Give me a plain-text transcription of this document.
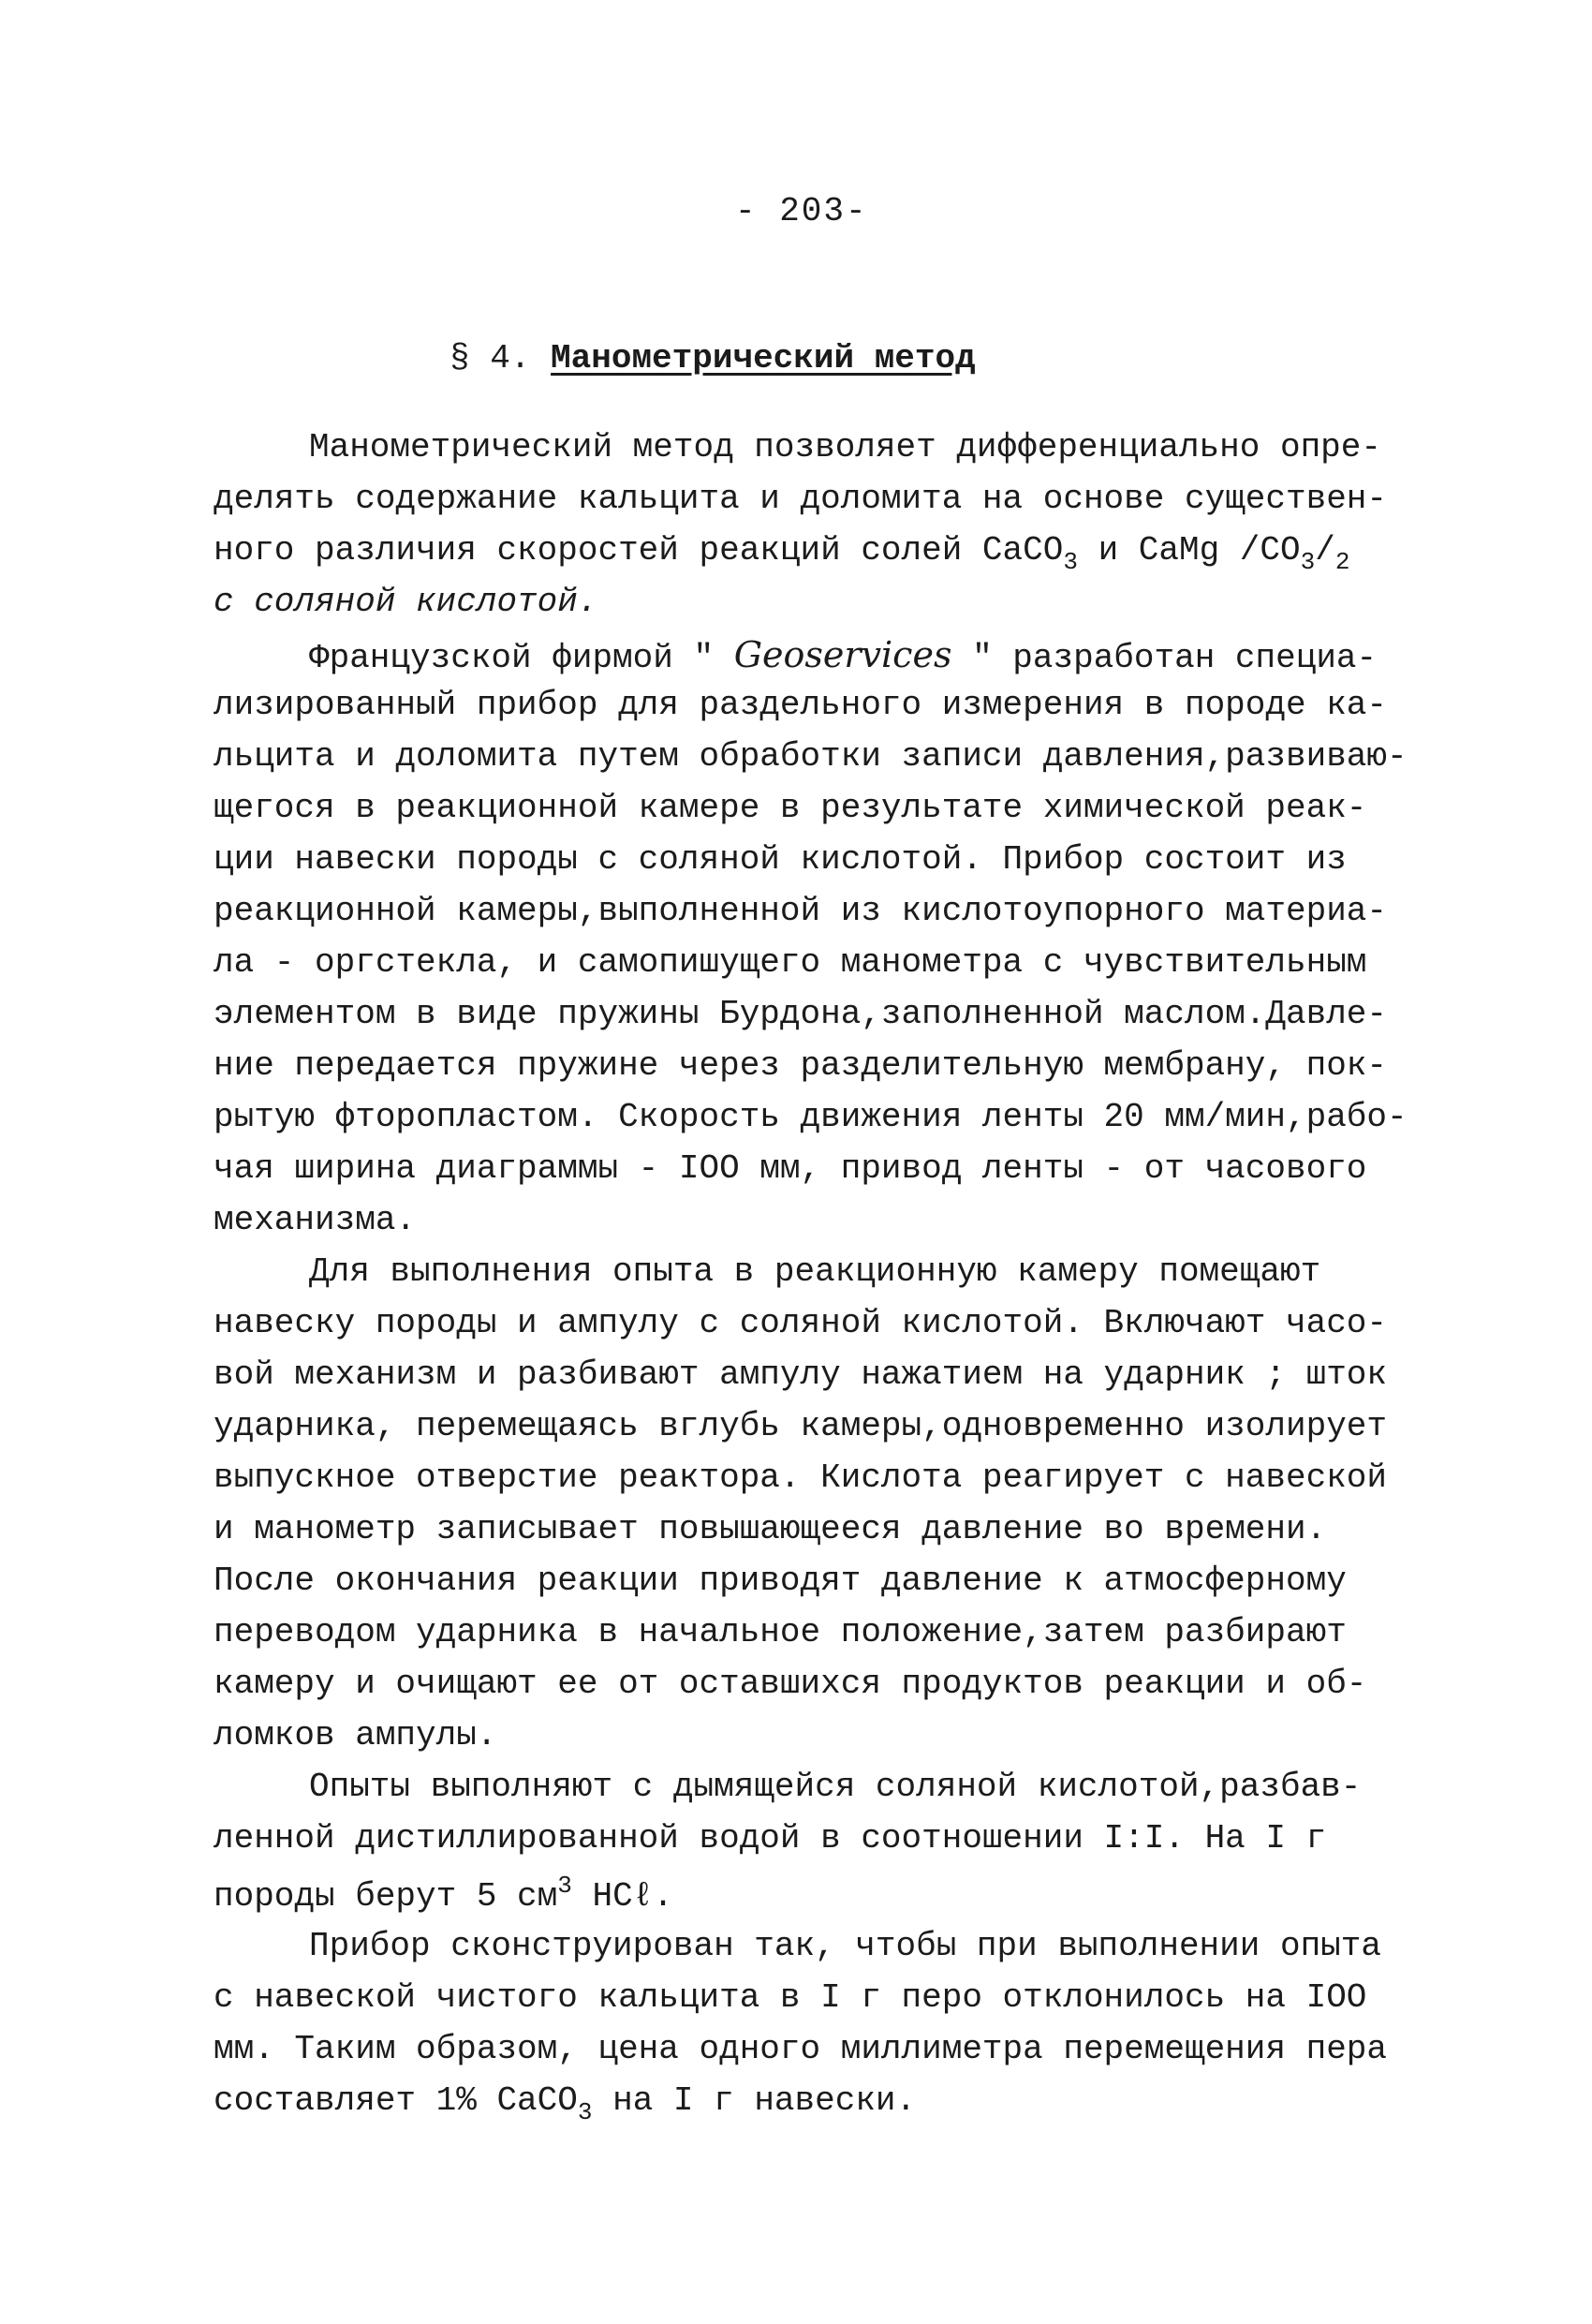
- 203-
§ 4. Манометрический метод
Манометрический метод позволяет дифференциально опре-
делять содержание кальцита и доломита на основе существен-
ного различия скоростей реакций солей CaCO$_3$ и CaMg $/CO_3/_2$
с соляной кислотой.
Французской фирмой " Geoservices " разработан специа-
лизированный прибор для раздельного измерения в породе ка-
льцита и доломита путем обработки записи давления,развиваю-
щегося в реакционной камере в результате химической реак-
ции навески породы с соляной кислотой. Прибор состоит из
реакционной камеры,выполненной из кислотоупорного материа-
ла - оргстекла, и самопишущего манометра с чувствительным
элементом в виде пружины Бурдона,заполненной маслом.Давле-
ние передается пружине через разделительную мембрану, пок-
рытую фторопластом. Скорость движения ленты 20 мм/мин,рабо-
чая ширина диаграммы - IOO мм, привод ленты - от часового
механизма.
Для выполнения опыта в реакционную камеру помещают
навеску породы и ампулу с соляной кислотой. Включают часо-
вой механизм и разбивают ампулу нажатием на ударник ; шток
ударника, перемещаясь вглубь камеры,одновременно изолирует
выпускное отверстие реактора. Кислота реагирует с навеской
и манометр записывает повышающееся давление во времени.
После окончания реакции приводят давление к атмосферному
переводом ударника в начальное положение,затем разбирают
камеру и очищают ее от оставшихся продуктов реакции и об-
ломков ампулы.
Опыты выполняют с дымящейся соляной кислотой,разбав-
ленной дистиллированной водой в соотношении I:I. На I г
породы берут 5 $см^3$ HCℓ.
Прибор сконструирован так, чтобы при выполнении опыта
с навеской чистого кальцита в I г перо отклонилось на IOO
мм. Таким образом, цена одного миллиметра перемещения пера
составляет 1% CaCO$_3$ на I г навески.
